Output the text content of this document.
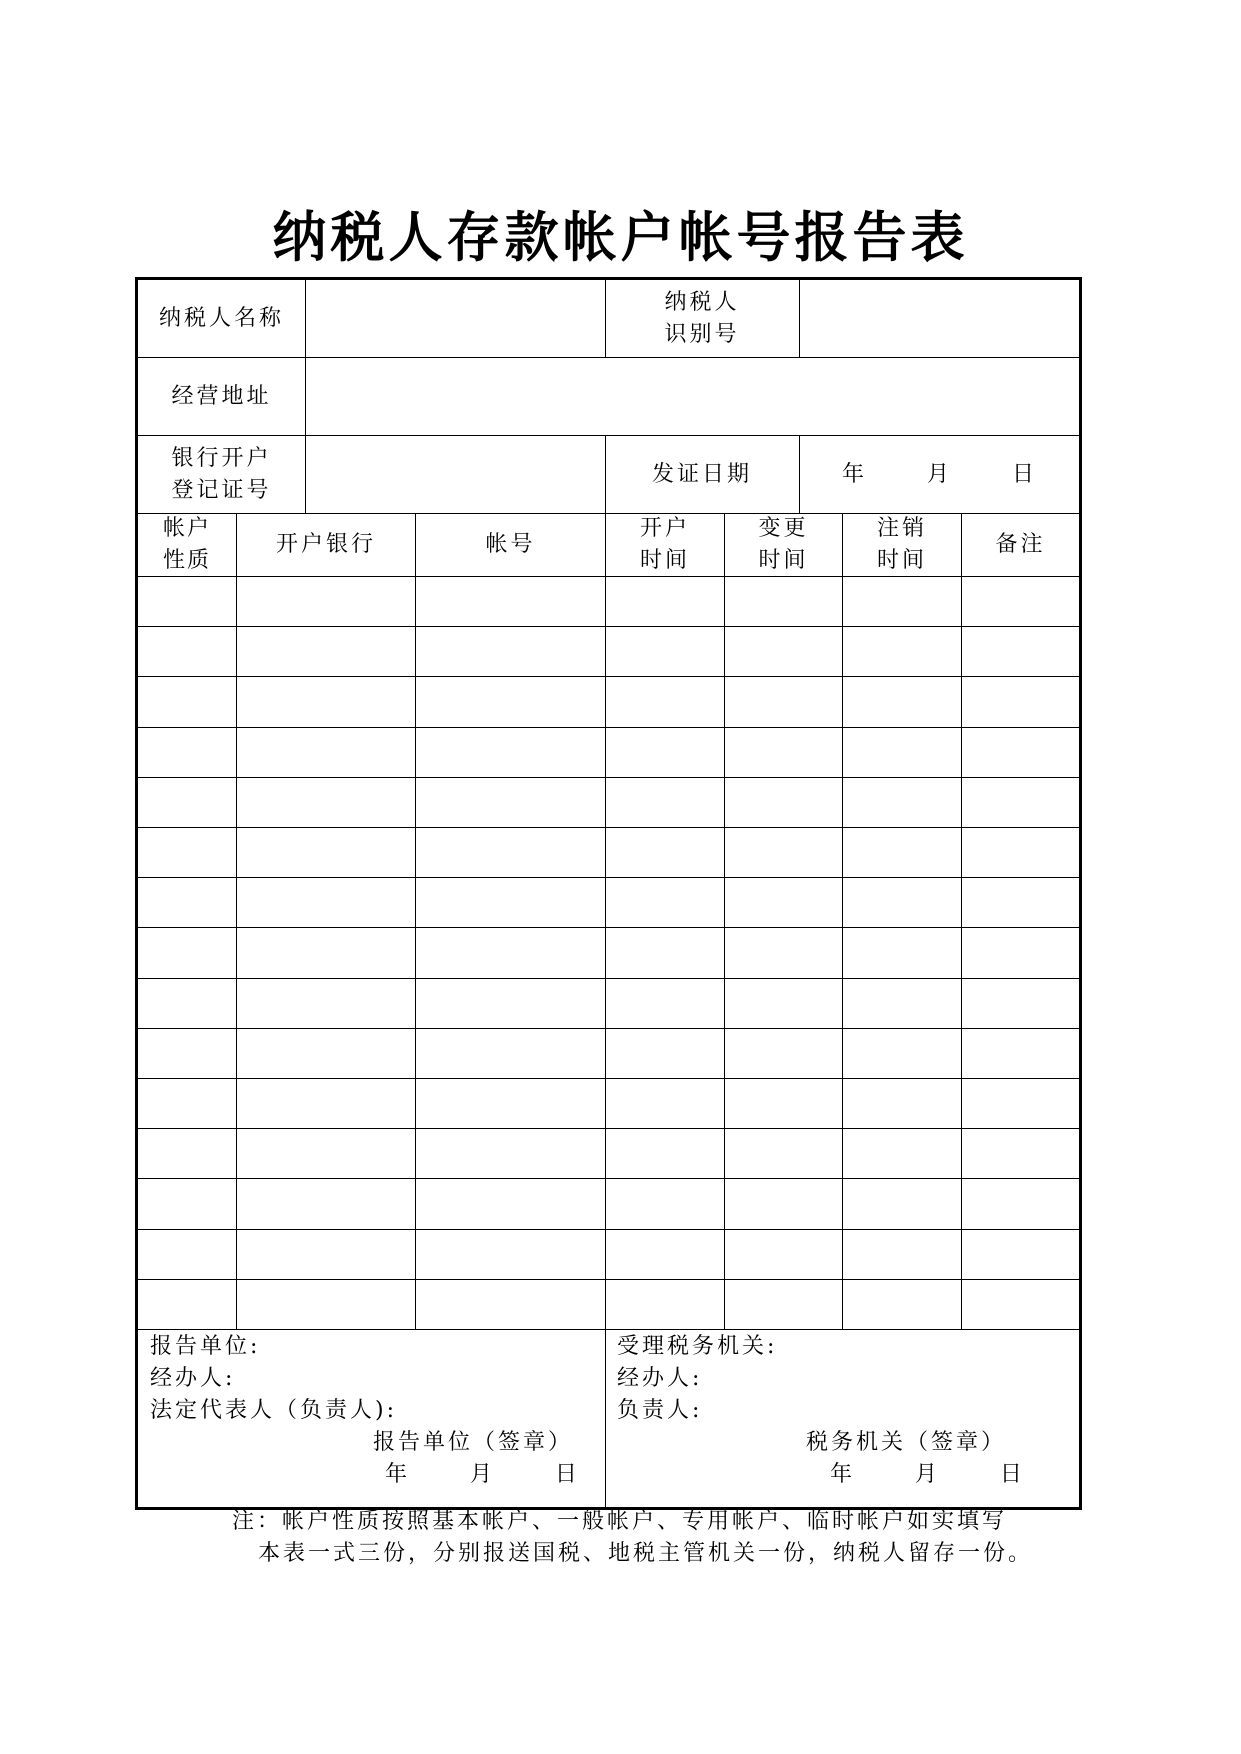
纳税人存款帐户帐号报告表
纳税人名称
纳税人
识别号
经营地址
银行开户
登记证号
发证日期	年      月      日
帐户
性质
开户银行	帐号
开户
时间
变更
时间
注销
时间
备注
报告单位:
经办人:
法定代表人（负责人):
报告单位（签章）
年      月      日
受理税务机关:
经办人:
负责人:
税务机关（签章）
年      月      日
注：帐户性质按照基本帐户、一般帐户、专用帐户、临时帐户如实填写
本表一式三份，分别报送国税、地税主管机关一份，纳税人留存一份。
